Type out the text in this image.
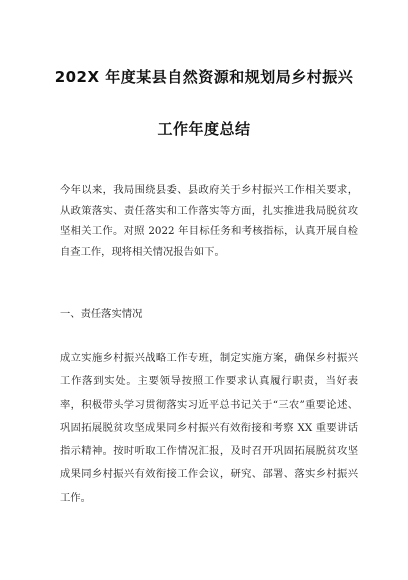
202X 年度某县自然资源和规划局乡村振兴
工作年度总结

今年以来，我局围绕县委、县政府关于乡村振兴工作相关要求，从政策落实、责任落实和工作落实等方面，扎实推进我局脱贫攻坚相关工作。对照 2022 年目标任务和考核指标，认真开展自检自查工作，现将相关情况报告如下。

一、责任落实情况

成立实施乡村振兴战略工作专班，制定实施方案，确保乡村振兴工作落到实处。主要领导按照工作要求认真履行职责，当好表率，积极带头学习贯彻落实习近平总书记关于“三农”重要论述、巩固拓展脱贫攻坚成果同乡村振兴有效衔接和考察 XX 重要讲话指示精神。按时听取工作情况汇报，及时召开巩固拓展脱贫攻坚成果同乡村振兴有效衔接工作会议，研究、部署、落实乡村振兴工作。
